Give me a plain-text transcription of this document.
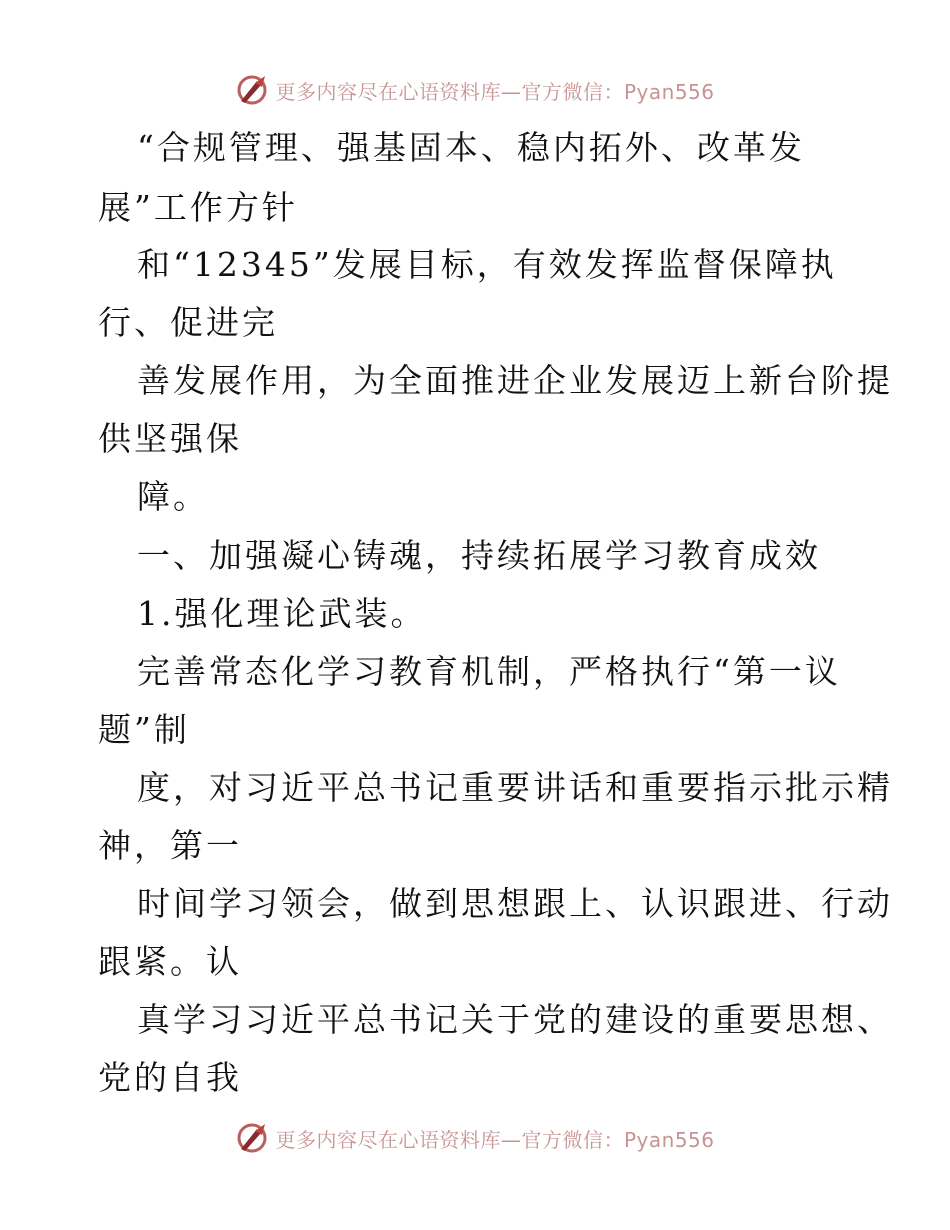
更多内容尽在心语资料库—官方微信：Pyan556
“合规管理、强基固本、稳内拓外、改革发
展”工作方针
和“12345”发展目标，有效发挥监督保障执
行、促进完
善发展作用，为全面推进企业发展迈上新台阶提
供坚强保
障。
一、加强凝心铸魂，持续拓展学习教育成效
1.强化理论武装。
完善常态化学习教育机制，严格执行“第一议
题”制
度，对习近平总书记重要讲话和重要指示批示精
神，第一
时间学习领会，做到思想跟上、认识跟进、行动
跟紧。认
真学习习近平总书记关于党的建设的重要思想、
党的自我
更多内容尽在心语资料库—官方微信：Pyan556
